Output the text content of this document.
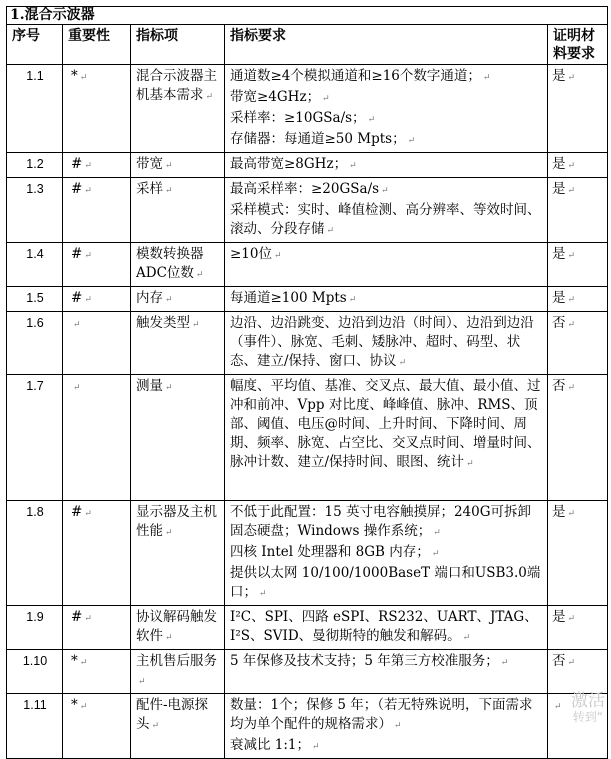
1.混合示波器				
序号	重要性	指标项	指标要求	证明材料要求
1.1	* ↵	混合示波器主机基本需求 ↵	通道数≥4个模拟通道和≥16个数字通道； ↵
带宽≥4GHz； ↵
采样率：≥10GSa/s； ↵
存储器：每通道≥50 Mpts； ↵	是 ↵
1.2	# ↵	带宽 ↵	最高带宽≥8GHz； ↵	是 ↵
1.3	# ↵	采样 ↵	最高采样率：≥20GSa/s ↵
采样模式：实时、峰值检测、高分辨率、等效时间、滚动、分段存储 ↵	是 ↵
1.4	# ↵	模数转换器ADC位数 ↵	≥10位 ↵	是 ↵
1.5	# ↵	内存 ↵	每通道≥100 Mpts ↵	是 ↵
1.6	↵	触发类型 ↵	边沿、边沿跳变、边沿到边沿（时间）、边沿到边沿（事件）、脉宽、毛刺、矮脉冲、超时、码型、状态、建立/保持、窗口、协议 ↵	否 ↵
1.7	↵	测量 ↵	幅度、平均值、基准、交叉点、最大值、最小值、过冲和前冲、Vpp 对比度、峰峰值、脉冲、RMS、顶部、阈值、电压@时间、上升时间、下降时间、周期、频率、脉宽、占空比、交叉点时间、增量时间、脉冲计数、建立/保持时间、眼图、统计 ↵	否 ↵
1.8	# ↵	显示器及主机性能 ↵	不低于此配置：15 英寸电容触摸屏；240G可拆卸固态硬盘；Windows 操作系统； ↵
四核 Intel 处理器和 8GB 内存； ↵
提供以太网 10/100/1000BaseT 端口和USB3.0端口； ↵	是 ↵
1.9	# ↵	协议解码触发软件 ↵	I²C、SPI、四路 eSPI、RS232、UART、JTAG、I²S、SVID、曼彻斯特的触发和解码。 ↵	是 ↵
1.10	* ↵	主机售后服务↵	5 年保修及技术支持；5 年第三方校准服务； ↵	否 ↵
1.11	* ↵	配件-电源探头 ↵	数量：1个；保修 5 年；（若无特殊说明，下面需求均为单个配件的规格需求） ↵
衰减比 1:1； ↵	↵ 激活
转到“
